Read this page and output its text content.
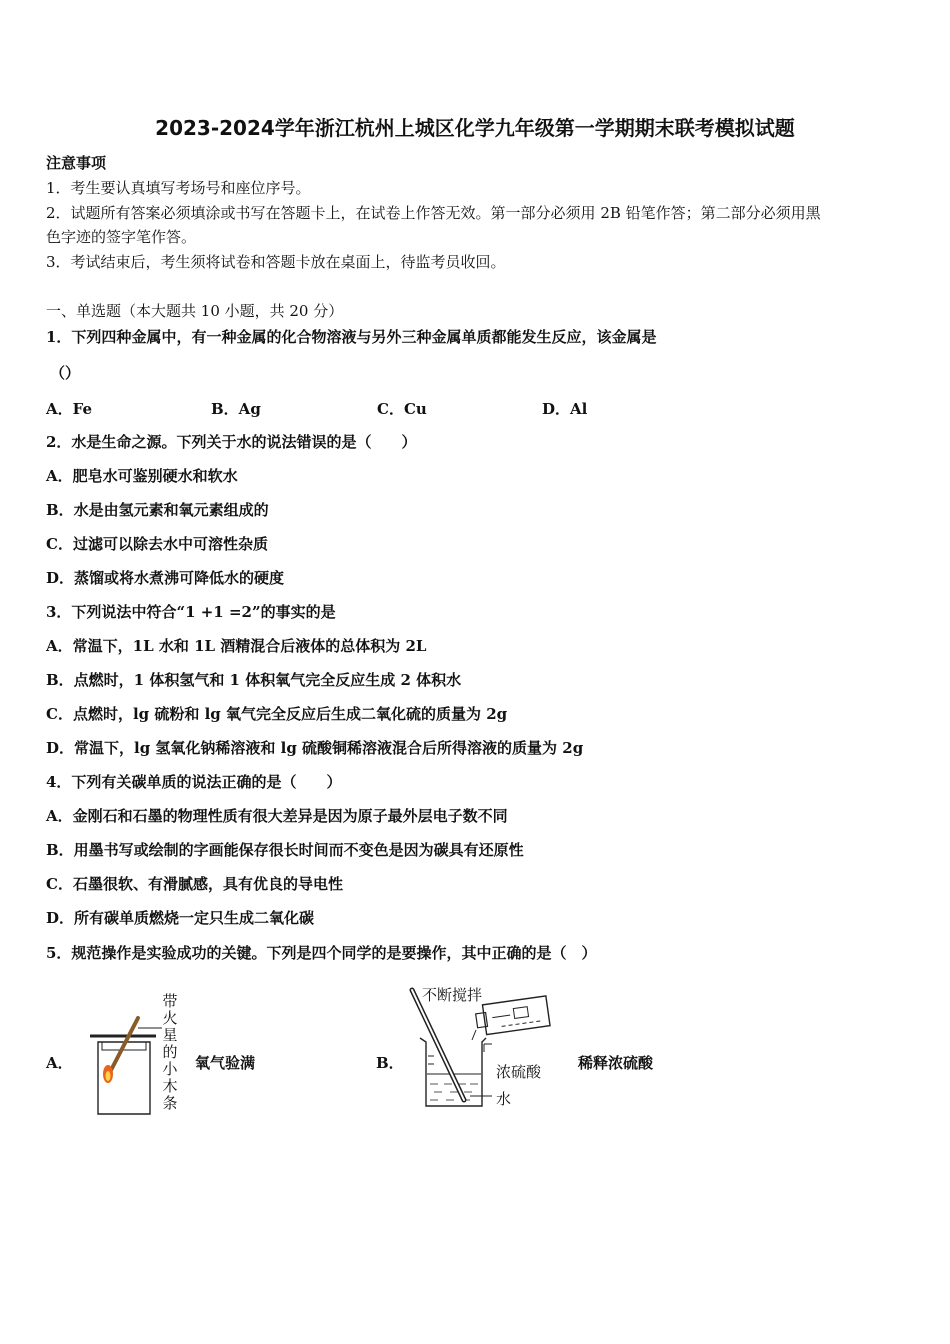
2023-2024学年浙江杭州上城区化学九年级第一学期期末联考模拟试题
注意事项
1．考生要认真填写考场号和座位序号。
2．试题所有答案必须填涂或书写在答题卡上，在试卷上作答无效。第一部分必须用 2B 铅笔作答；第二部分必须用黑
色字迹的签字笔作答。
3．考试结束后，考生须将试卷和答题卡放在桌面上，待监考员收回。
一、单选题（本大题共 10 小题，共 20 分）
1．下列四种金属中，有一种金属的化合物溶液与另外三种金属单质都能发生反应，该金属是
（）
A．Fe	B．Ag	C．Cu	D．Al
2．水是生命之源。下列关于水的说法错误的是（　　）
A．肥皂水可鉴别硬水和软水
B．水是由氢元素和氧元素组成的
C．过滤可以除去水中可溶性杂质
D．蒸馏或将水煮沸可降低水的硬度
3．下列说法中符合“1 +1 =2”的事实的是
A．常温下，1L 水和 1L 酒精混合后液体的总体积为 2L
B．点燃时，1 体积氢气和 1 体积氧气完全反应生成 2 体积水
C．点燃时，lg 硫粉和 lg 氧气完全反应后生成二氧化硫的质量为 2g
D．常温下，lg 氢氧化钠稀溶液和 lg 硫酸铜稀溶液混合后所得溶液的质量为 2g
4．下列有关碳单质的说法正确的是（　　）
A．金刚石和石墨的物理性质有很大差异是因为原子最外层电子数不同
B．用墨书写或绘制的字画能保存很长时间而不变色是因为碳具有还原性
C．石墨很软、有滑腻感，具有优良的导电性
D．所有碳单质燃烧一定只生成二氧化碳
5．规范操作是实验成功的关键。下列是四个同学的是要操作，其中正确的是（　）
A．
带
火
星
的
小
木
条
氧气验满	B．
不断搅拌
浓硫酸
水
稀释浓硫酸
